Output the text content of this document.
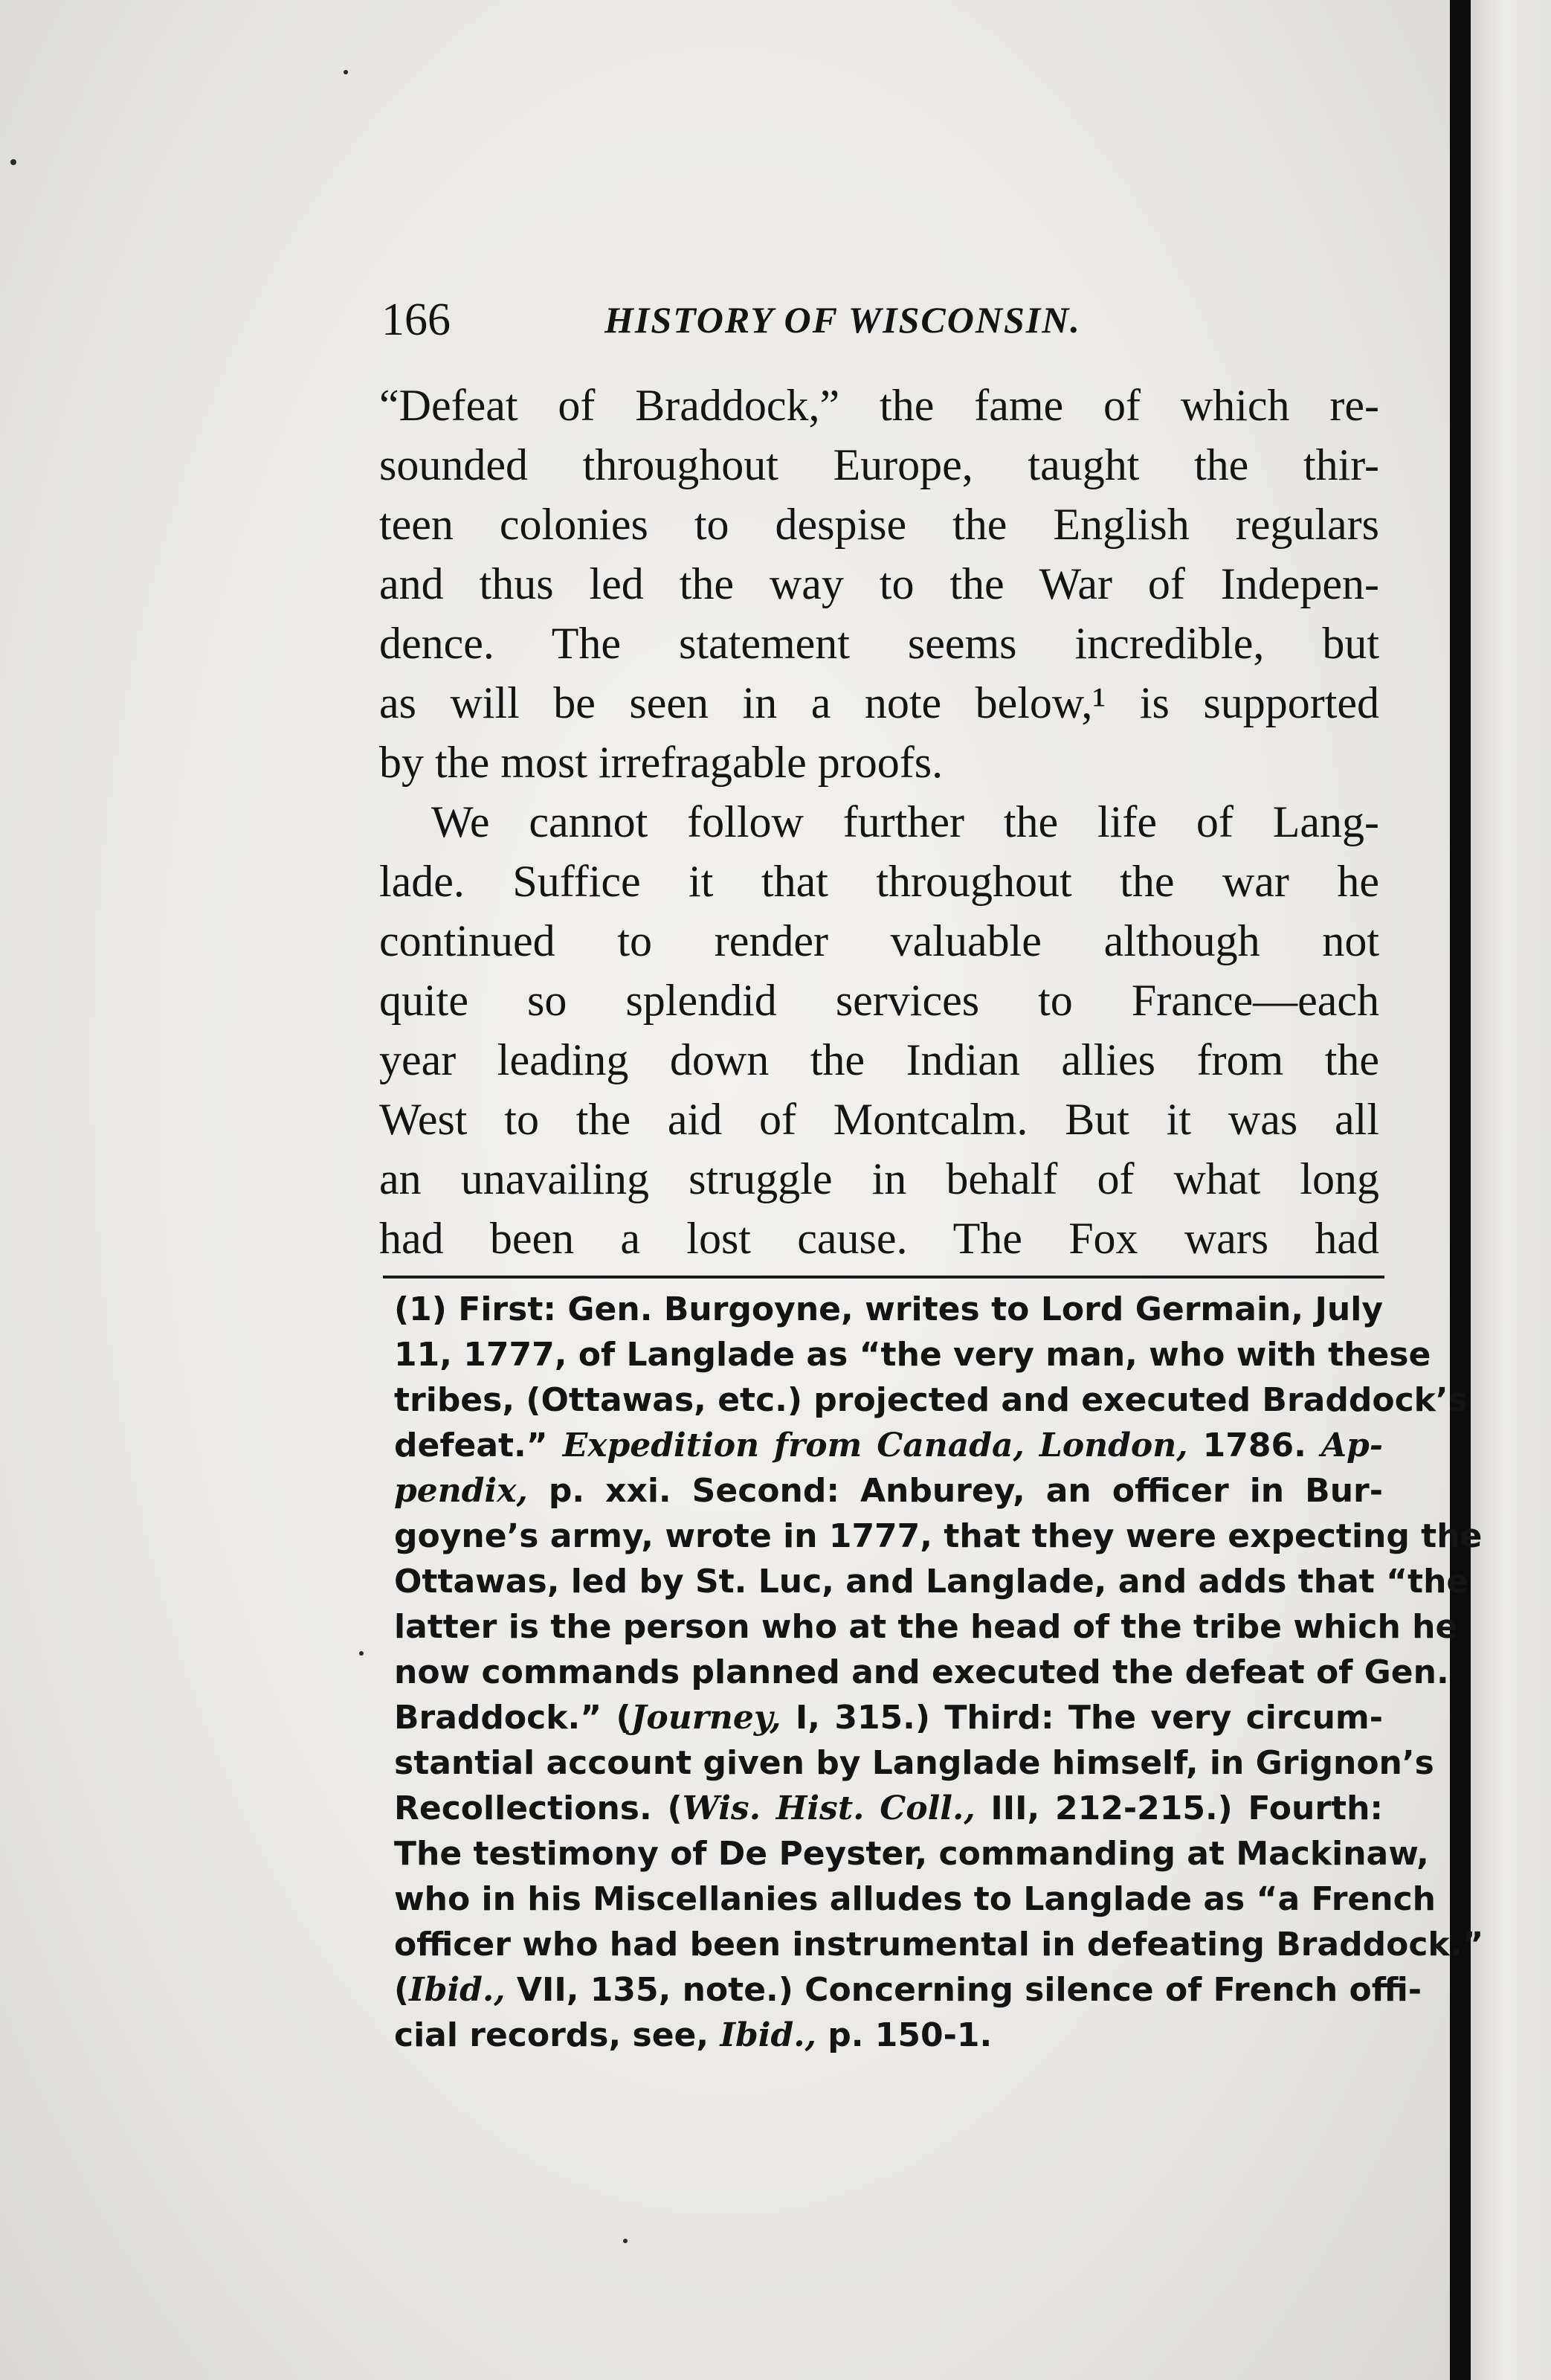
166	HISTORY OF WISCONSIN.
“Defeat of Braddock,” the fame of which re-
sounded throughout Europe, taught the thir-
teen colonies to despise the English regulars
and thus led the way to the War of Indepen-
dence. The statement seems incredible, but
as will be seen in a note below,¹ is supported
by the most irrefragable proofs.
We cannot follow further the life of Lang-
lade. Suffice it that throughout the war he
continued to render valuable although not
quite so splendid services to France—each
year leading down the Indian allies from the
West to the aid of Montcalm. But it was all
an unavailing struggle in behalf of what long
had been a lost cause. The Fox wars had
(1) First: Gen. Burgoyne, writes to Lord Germain, July
11, 1777, of Langlade as “the very man, who with these
tribes, (Ottawas, etc.) projected and executed Braddock’s
defeat.” Expedition from Canada, London, 1786. Ap-
pendix, p. xxi. Second: Anburey, an officer in Bur-
goyne’s army, wrote in 1777, that they were expecting the
Ottawas, led by St. Luc, and Langlade, and adds that “the
latter is the person who at the head of the tribe which he
now commands planned and executed the defeat of Gen.
Braddock.” (Journey, I, 315.) Third: The very circum-
stantial account given by Langlade himself, in Grignon’s
Recollections. (Wis. Hist. Coll., III, 212-215.) Fourth:
The testimony of De Peyster, commanding at Mackinaw,
who in his Miscellanies alludes to Langlade as “a French
officer who had been instrumental in defeating Braddock.”
(Ibid., VII, 135, note.) Concerning silence of French offi-
cial records, see, Ibid., p. 150-1.
